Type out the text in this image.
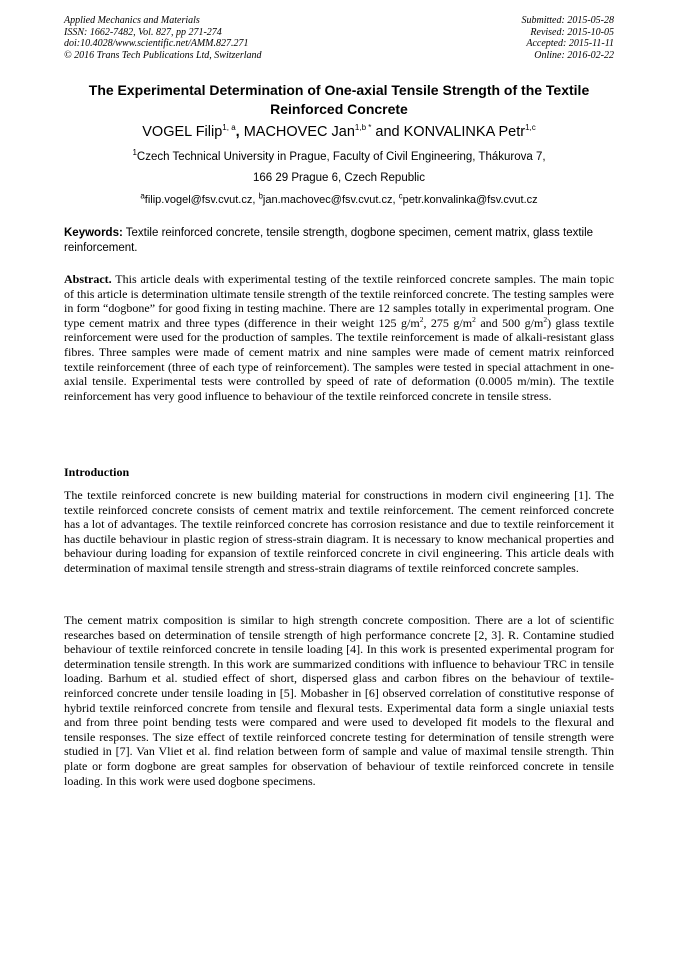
Applied Mechanics and Materials
ISSN: 1662-7482, Vol. 827, pp 271-274
doi:10.4028/www.scientific.net/AMM.827.271
© 2016 Trans Tech Publications Ltd, Switzerland
Submitted: 2015-05-28
Revised: 2015-10-05
Accepted: 2015-11-11
Online: 2016-02-22
The Experimental Determination of One-axial Tensile Strength of the Textile Reinforced Concrete
VOGEL Filip$^{1, a}$, MACHOVEC Jan$^{1,b *}$ and KONVALINKA Petr$^{1,c}$
$^1$Czech Technical University in Prague, Faculty of Civil Engineering, Thákurova 7,
166 29 Prague 6, Czech Republic
$^a$filip.vogel@fsv.cvut.cz, $^b$jan.machovec@fsv.cvut.cz, $^c$petr.konvalinka@fsv.cvut.cz
Keywords: Textile reinforced concrete, tensile strength, dogbone specimen, cement matrix, glass textile reinforcement.
Abstract. This article deals with experimental testing of the textile reinforced concrete samples. The main topic of this article is determination ultimate tensile strength of the textile reinforced concrete. The testing samples were in form “dogbone” for good fixing in testing machine. There are 12 samples totally in experimental program. One type cement matrix and three types (difference in their weight 125 $g/m^2$, 275 $g/m^2$ and 500 $g/m^2$) glass textile reinforcement were used for the production of samples. The textile reinforcement is made of alkali-resistant glass fibres. Three samples were made of cement matrix and nine samples were made of cement matrix reinforced textile reinforcement (three of each type of reinforcement). The samples were tested in special attachment in one-axial tensile. Experimental tests were controlled by speed of rate of deformation (0.0005 m/min). The textile reinforcement has very good influence to behaviour of the textile reinforced concrete in tensile stress.
Introduction
The textile reinforced concrete is new building material for constructions in modern civil engineering [1]. The textile reinforced concrete consists of cement matrix and textile reinforcement. The cement reinforced concrete has a lot of advantages. The textile reinforced concrete has corrosion resistance and due to textile reinforcement it has ductile behaviour in plastic region of stress-strain diagram. It is necessary to know mechanical properties and behaviour during loading for expansion of textile reinforced concrete in civil engineering. This article deals with determination of maximal tensile strength and stress-strain diagrams of textile reinforced concrete samples.
The cement matrix composition is similar to high strength concrete composition. There are a lot of scientific researches based on determination of tensile strength of high performance concrete [2, 3]. R. Contamine studied behaviour of textile reinforced concrete in tensile loading [4]. In this work is presented experimental program for determination tensile strength. In this work are summarized conditions with influence to behaviour TRC in tensile loading. Barhum et al. studied effect of short, dispersed glass and carbon fibres on the behaviour of textile-reinforced concrete under tensile loading in [5]. Mobasher in [6] observed correlation of constitutive response of hybrid textile reinforced concrete from tensile and flexural tests. Experimental data form a single uniaxial tests and from three point bending tests were compared and were used to developed fit models to the flexural and tensile responses. The size effect of textile reinforced concrete testing for determination of tensile strength were studied in [7]. Van Vliet et al. find relation between form of sample and value of maximal tensile strength. Thin plate or form dogbone are great samples for observation of behaviour of textile reinforced concrete in tensile loading. In this work were used dogbone specimens.
